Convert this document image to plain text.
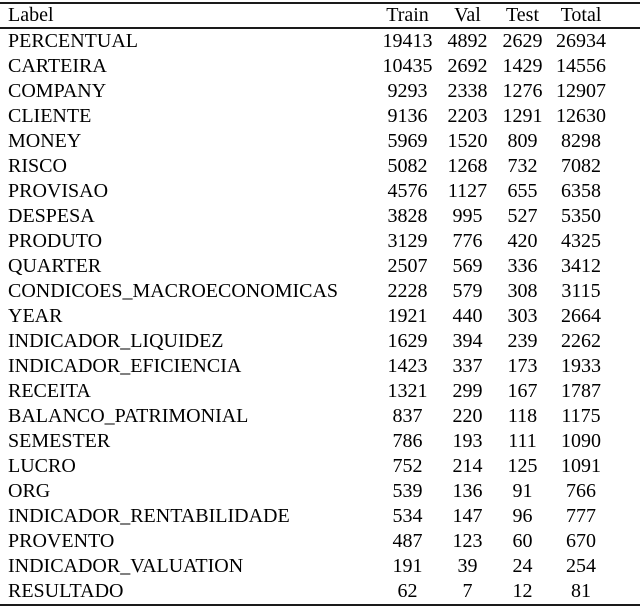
Label	Train	Val	Test	Total
PERCENTUAL	19413	4892	2629	26934
CARTEIRA	10435	2692	1429	14556
COMPANY	9293	2338	1276	12907
CLIENTE	9136	2203	1291	12630
MONEY	5969	1520	809	8298
RISCO	5082	1268	732	7082
PROVISAO	4576	1127	655	6358
DESPESA	3828	995	527	5350
PRODUTO	3129	776	420	4325
QUARTER	2507	569	336	3412
CONDICOES_MACROECONOMICAS	2228	579	308	3115
YEAR	1921	440	303	2664
INDICADOR_LIQUIDEZ	1629	394	239	2262
INDICADOR_EFICIENCIA	1423	337	173	1933
RECEITA	1321	299	167	1787
BALANCO_PATRIMONIAL	837	220	118	1175
SEMESTER	786	193	111	1090
LUCRO	752	214	125	1091
ORG	539	136	91	766
INDICADOR_RENTABILIDADE	534	147	96	777
PROVENTO	487	123	60	670
INDICADOR_VALUATION	191	39	24	254
RESULTADO	62	7	12	81
